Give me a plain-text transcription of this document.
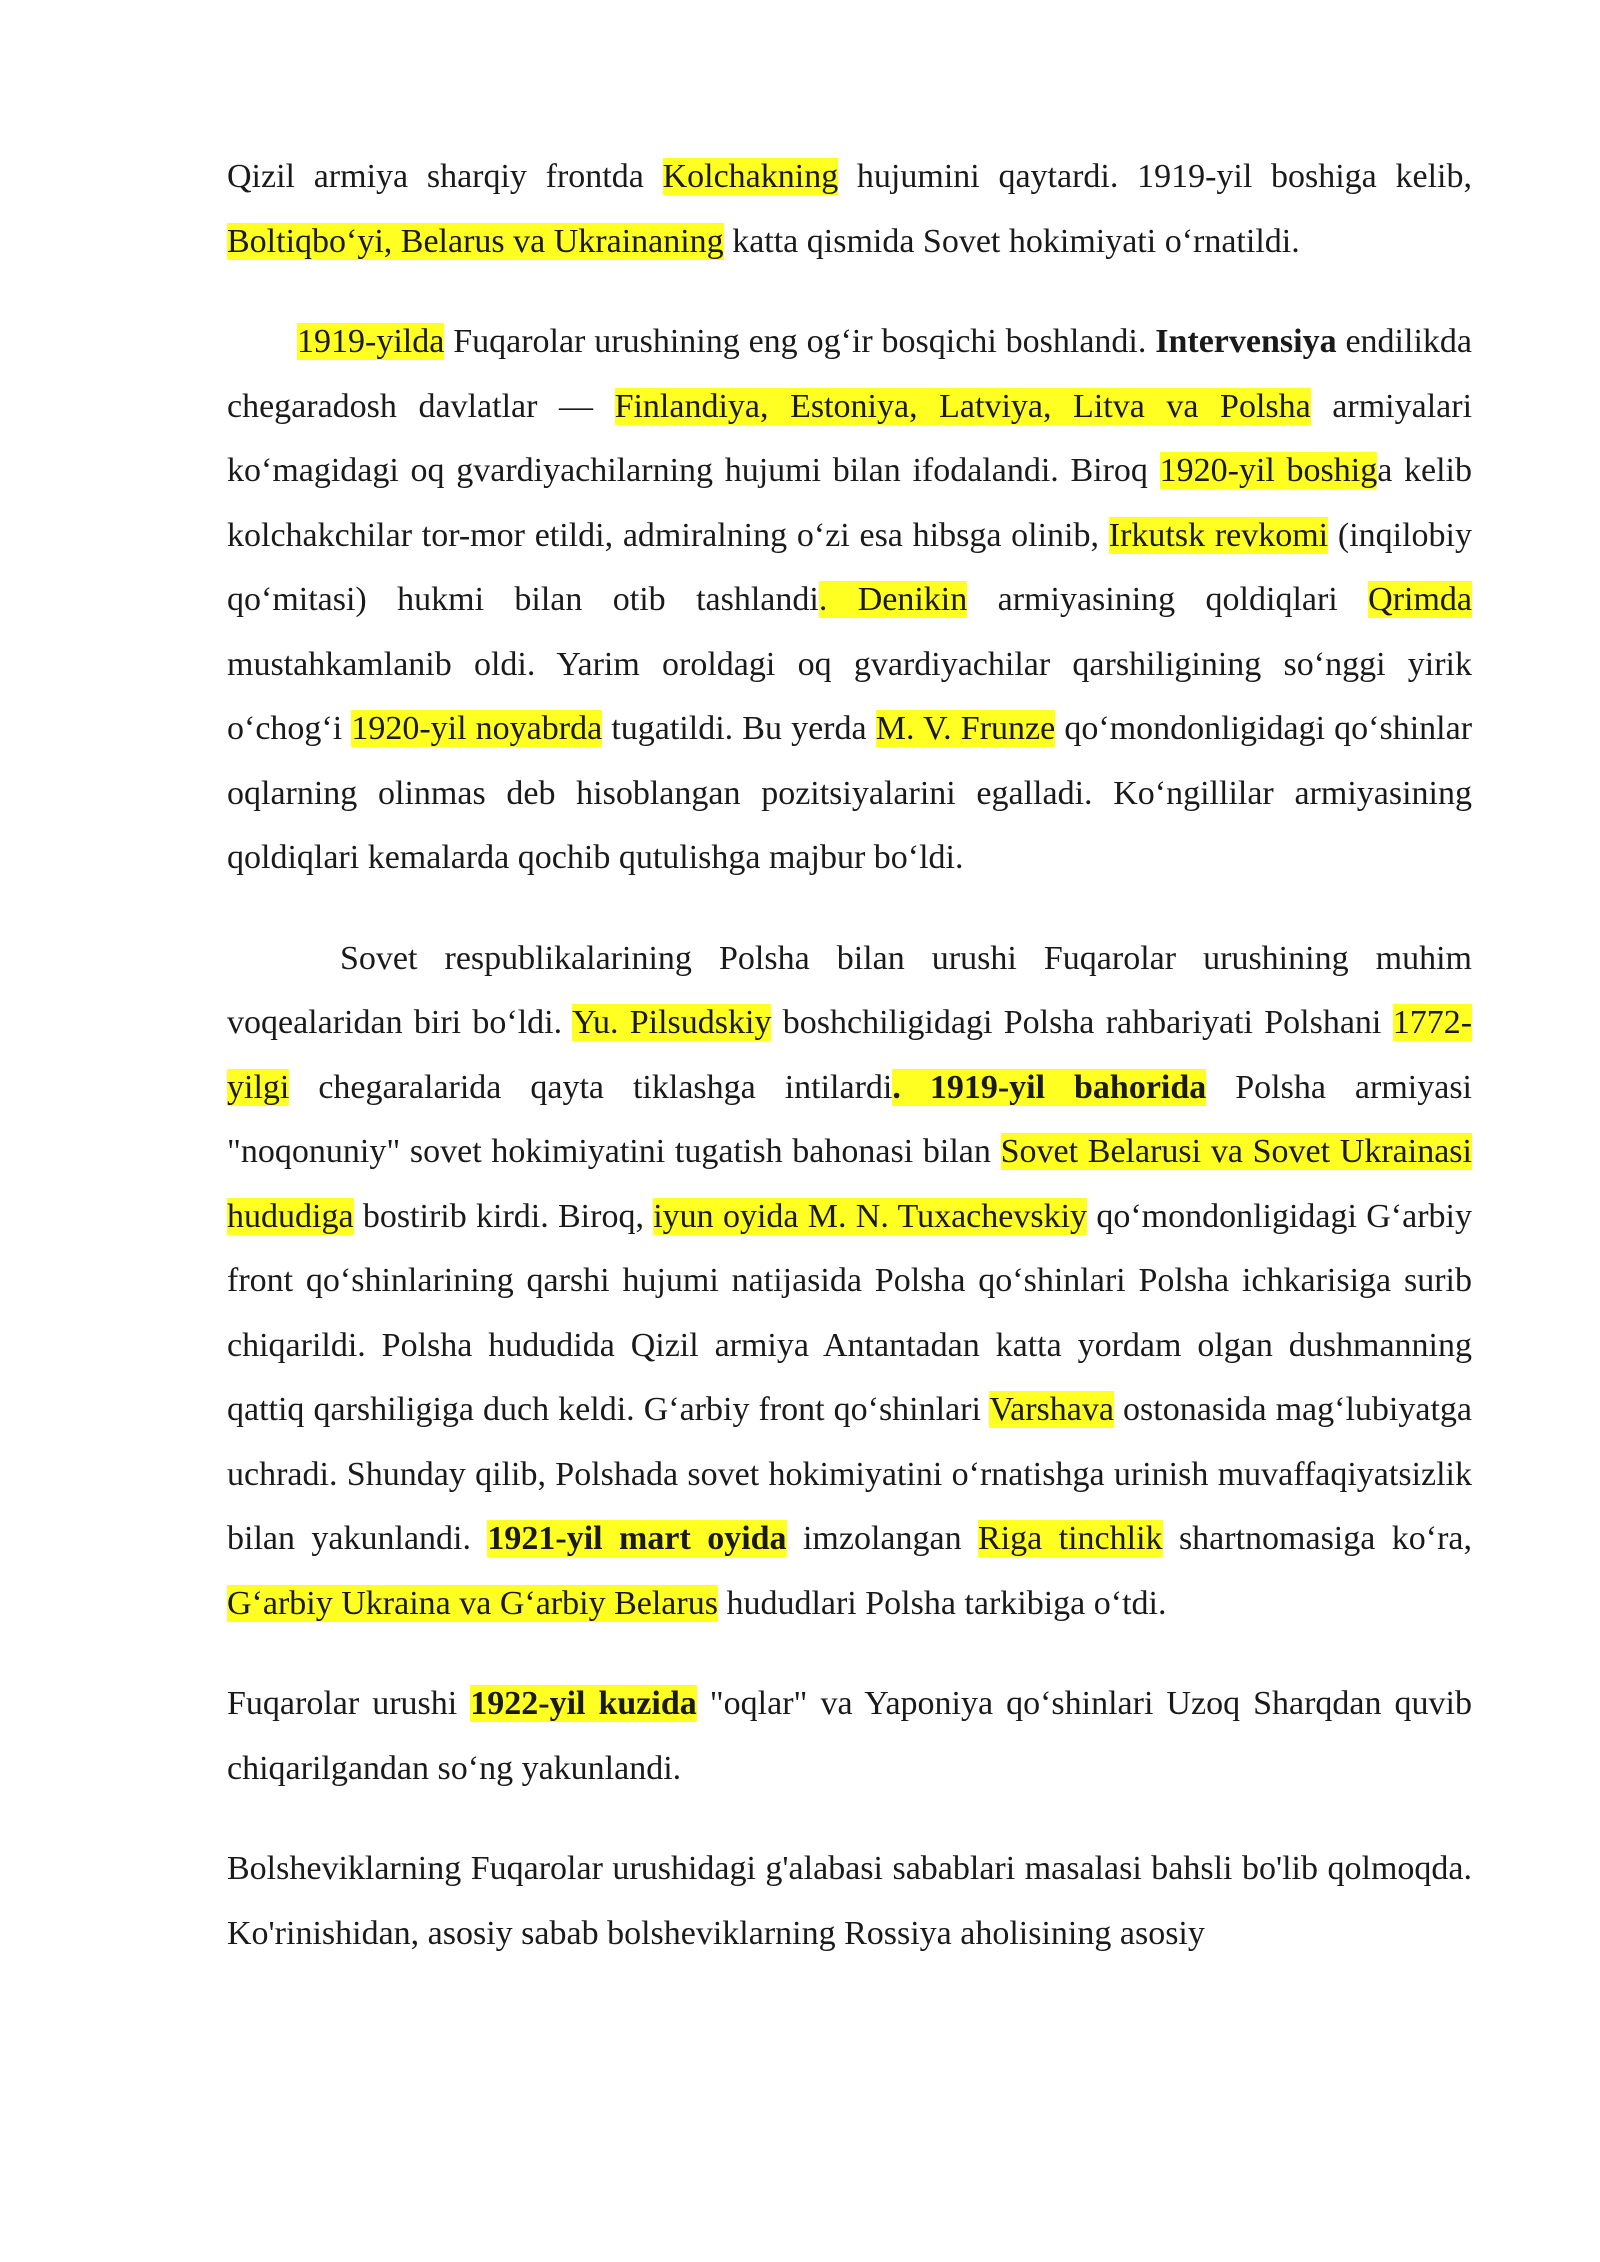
Qizil armiya sharqiy frontda Kolchakning hujumini qaytardi. 1919-yil boshiga kelib, Boltiqbo‘yi, Belarus va Ukrainaning katta qismida Sovet hokimiyati o‘rnatildi.

1919-yilda Fuqarolar urushining eng og‘ir bosqichi boshlandi. Intervensiya endilikda chegaradosh davlatlar — Finlandiya, Estoniya, Latviya, Litva va Polsha armiyalari ko‘magidagi oq gvardiyachilarning hujumi bilan ifodalandi. Biroq 1920-yil boshiga kelib kolchakchilar tor-mor etildi, admiralning o‘zi esa hibsga olinib, Irkutsk revkomi (inqilobiy qo‘mitasi) hukmi bilan otib tashlandi. Denikin armiyasining qoldiqlari Qrimda mustahkamlanib oldi. Yarim oroldagi oq gvardiyachilar qarshiligining so‘nggi yirik o‘chog‘i 1920-yil noyabrda tugatildi. Bu yerda M. V. Frunze qo‘mondonligidagi qo‘shinlar oqlarning olinmas deb hisoblangan pozitsiyalarini egalladi. Ko‘ngillilar armiyasining qoldiqlari kemalarda qochib qutulishga majbur bo‘ldi.

Sovet respublikalarining Polsha bilan urushi Fuqarolar urushining muhim voqealaridan biri bo‘ldi. Yu. Pilsudskiy boshchiligidagi Polsha rahbariyati Polshani 1772-yilgi chegaralarida qayta tiklashga intilardi. 1919-yil bahorida Polsha armiyasi "noqonuniy" sovet hokimiyatini tugatish bahonasi bilan Sovet Belarusi va Sovet Ukrainasi hududiga bostirib kirdi. Biroq, iyun oyida M. N. Tuxachevskiy qo‘mondonligidagi G‘arbiy front qo‘shinlarining qarshi hujumi natijasida Polsha qo‘shinlari Polsha ichkarisiga surib chiqarildi. Polsha hududida Qizil armiya Antantadan katta yordam olgan dushmanning qattiq qarshiligiga duch keldi. G‘arbiy front qo‘shinlari Varshava ostonasida mag‘lubiyatga uchradi. Shunday qilib, Polshada sovet hokimiyatini o‘rnatishga urinish muvaffaqiyatsizlik bilan yakunlandi. 1921-yil mart oyida imzolangan Riga tinchlik shartnomasiga ko‘ra, G‘arbiy Ukraina va G‘arbiy Belarus hududlari Polsha tarkibiga o‘tdi.

Fuqarolar urushi 1922-yil kuzida "oqlar" va Yaponiya qo‘shinlari Uzoq Sharqdan quvib chiqarilgandan so‘ng yakunlandi.

Bolsheviklarning Fuqarolar urushidagi g'alabasi sabablari masalasi bahsli bo'lib qolmoqda. Ko'rinishidan, asosiy sabab bolsheviklarning Rossiya aholisining asosiy
